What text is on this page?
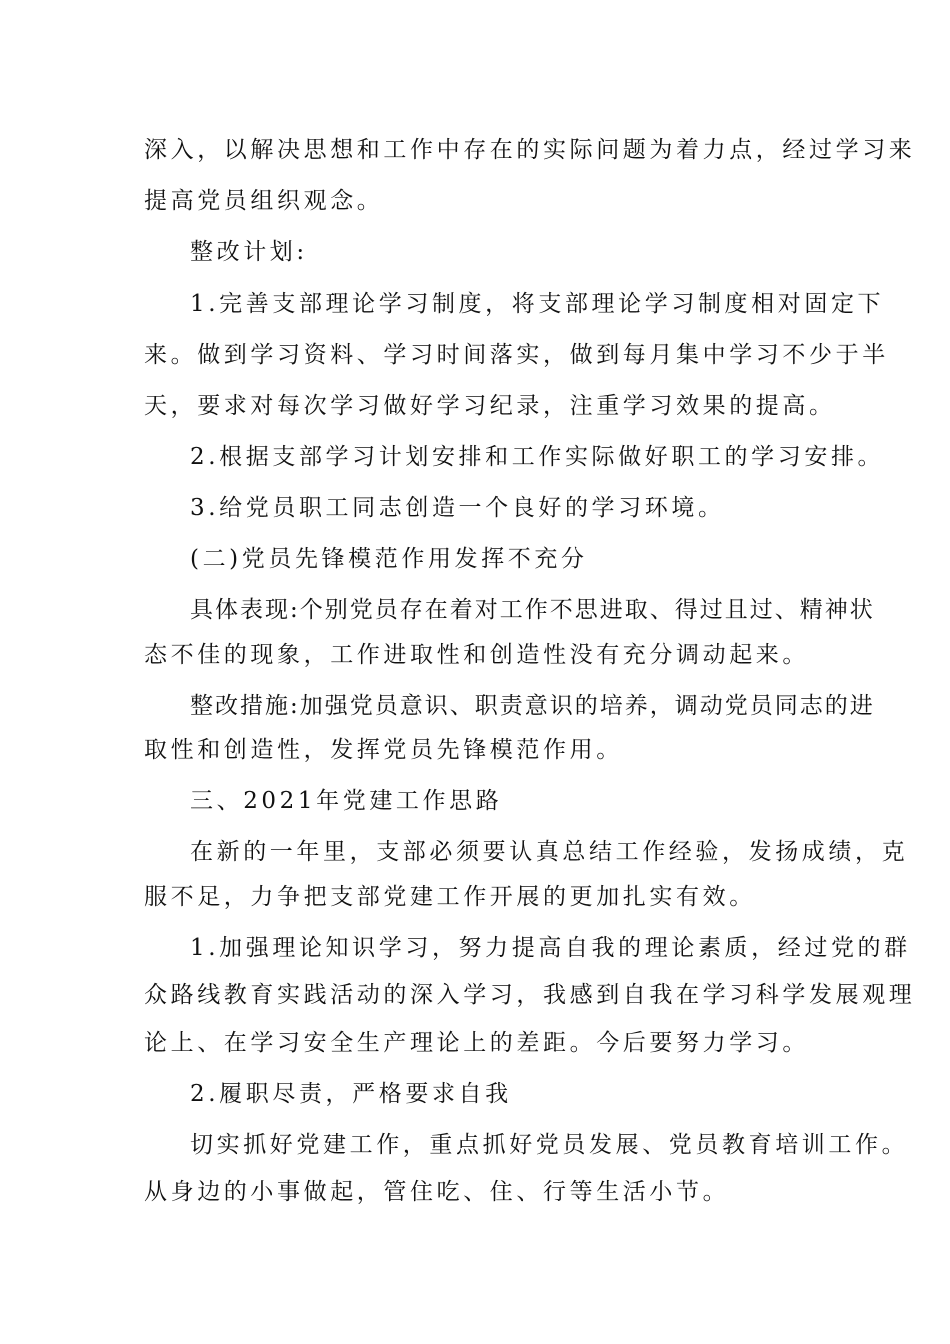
深入，以解决思想和工作中存在的实际问题为着力点，经过学习来

提高党员组织观念。

整改计划:

1.完善支部理论学习制度，将支部理论学习制度相对固定下

来。做到学习资料、学习时间落实，做到每月集中学习不少于半

天，要求对每次学习做好学习纪录，注重学习效果的提高。

2.根据支部学习计划安排和工作实际做好职工的学习安排。

3.给党员职工同志创造一个良好的学习环境。

(二)党员先锋模范作用发挥不充分

具体表现:个别党员存在着对工作不思进取、得过且过、精神状

态不佳的现象，工作进取性和创造性没有充分调动起来。

整改措施:加强党员意识、职责意识的培养，调动党员同志的进

取性和创造性，发挥党员先锋模范作用。

三、2021年党建工作思路

在新的一年里，支部必须要认真总结工作经验，发扬成绩，克

服不足，力争把支部党建工作开展的更加扎实有效。

1.加强理论知识学习，努力提高自我的理论素质，经过党的群

众路线教育实践活动的深入学习，我感到自我在学习科学发展观理

论上、在学习安全生产理论上的差距。今后要努力学习。

2.履职尽责，严格要求自我

切实抓好党建工作，重点抓好党员发展、党员教育培训工作。

从身边的小事做起，管住吃、住、行等生活小节。
